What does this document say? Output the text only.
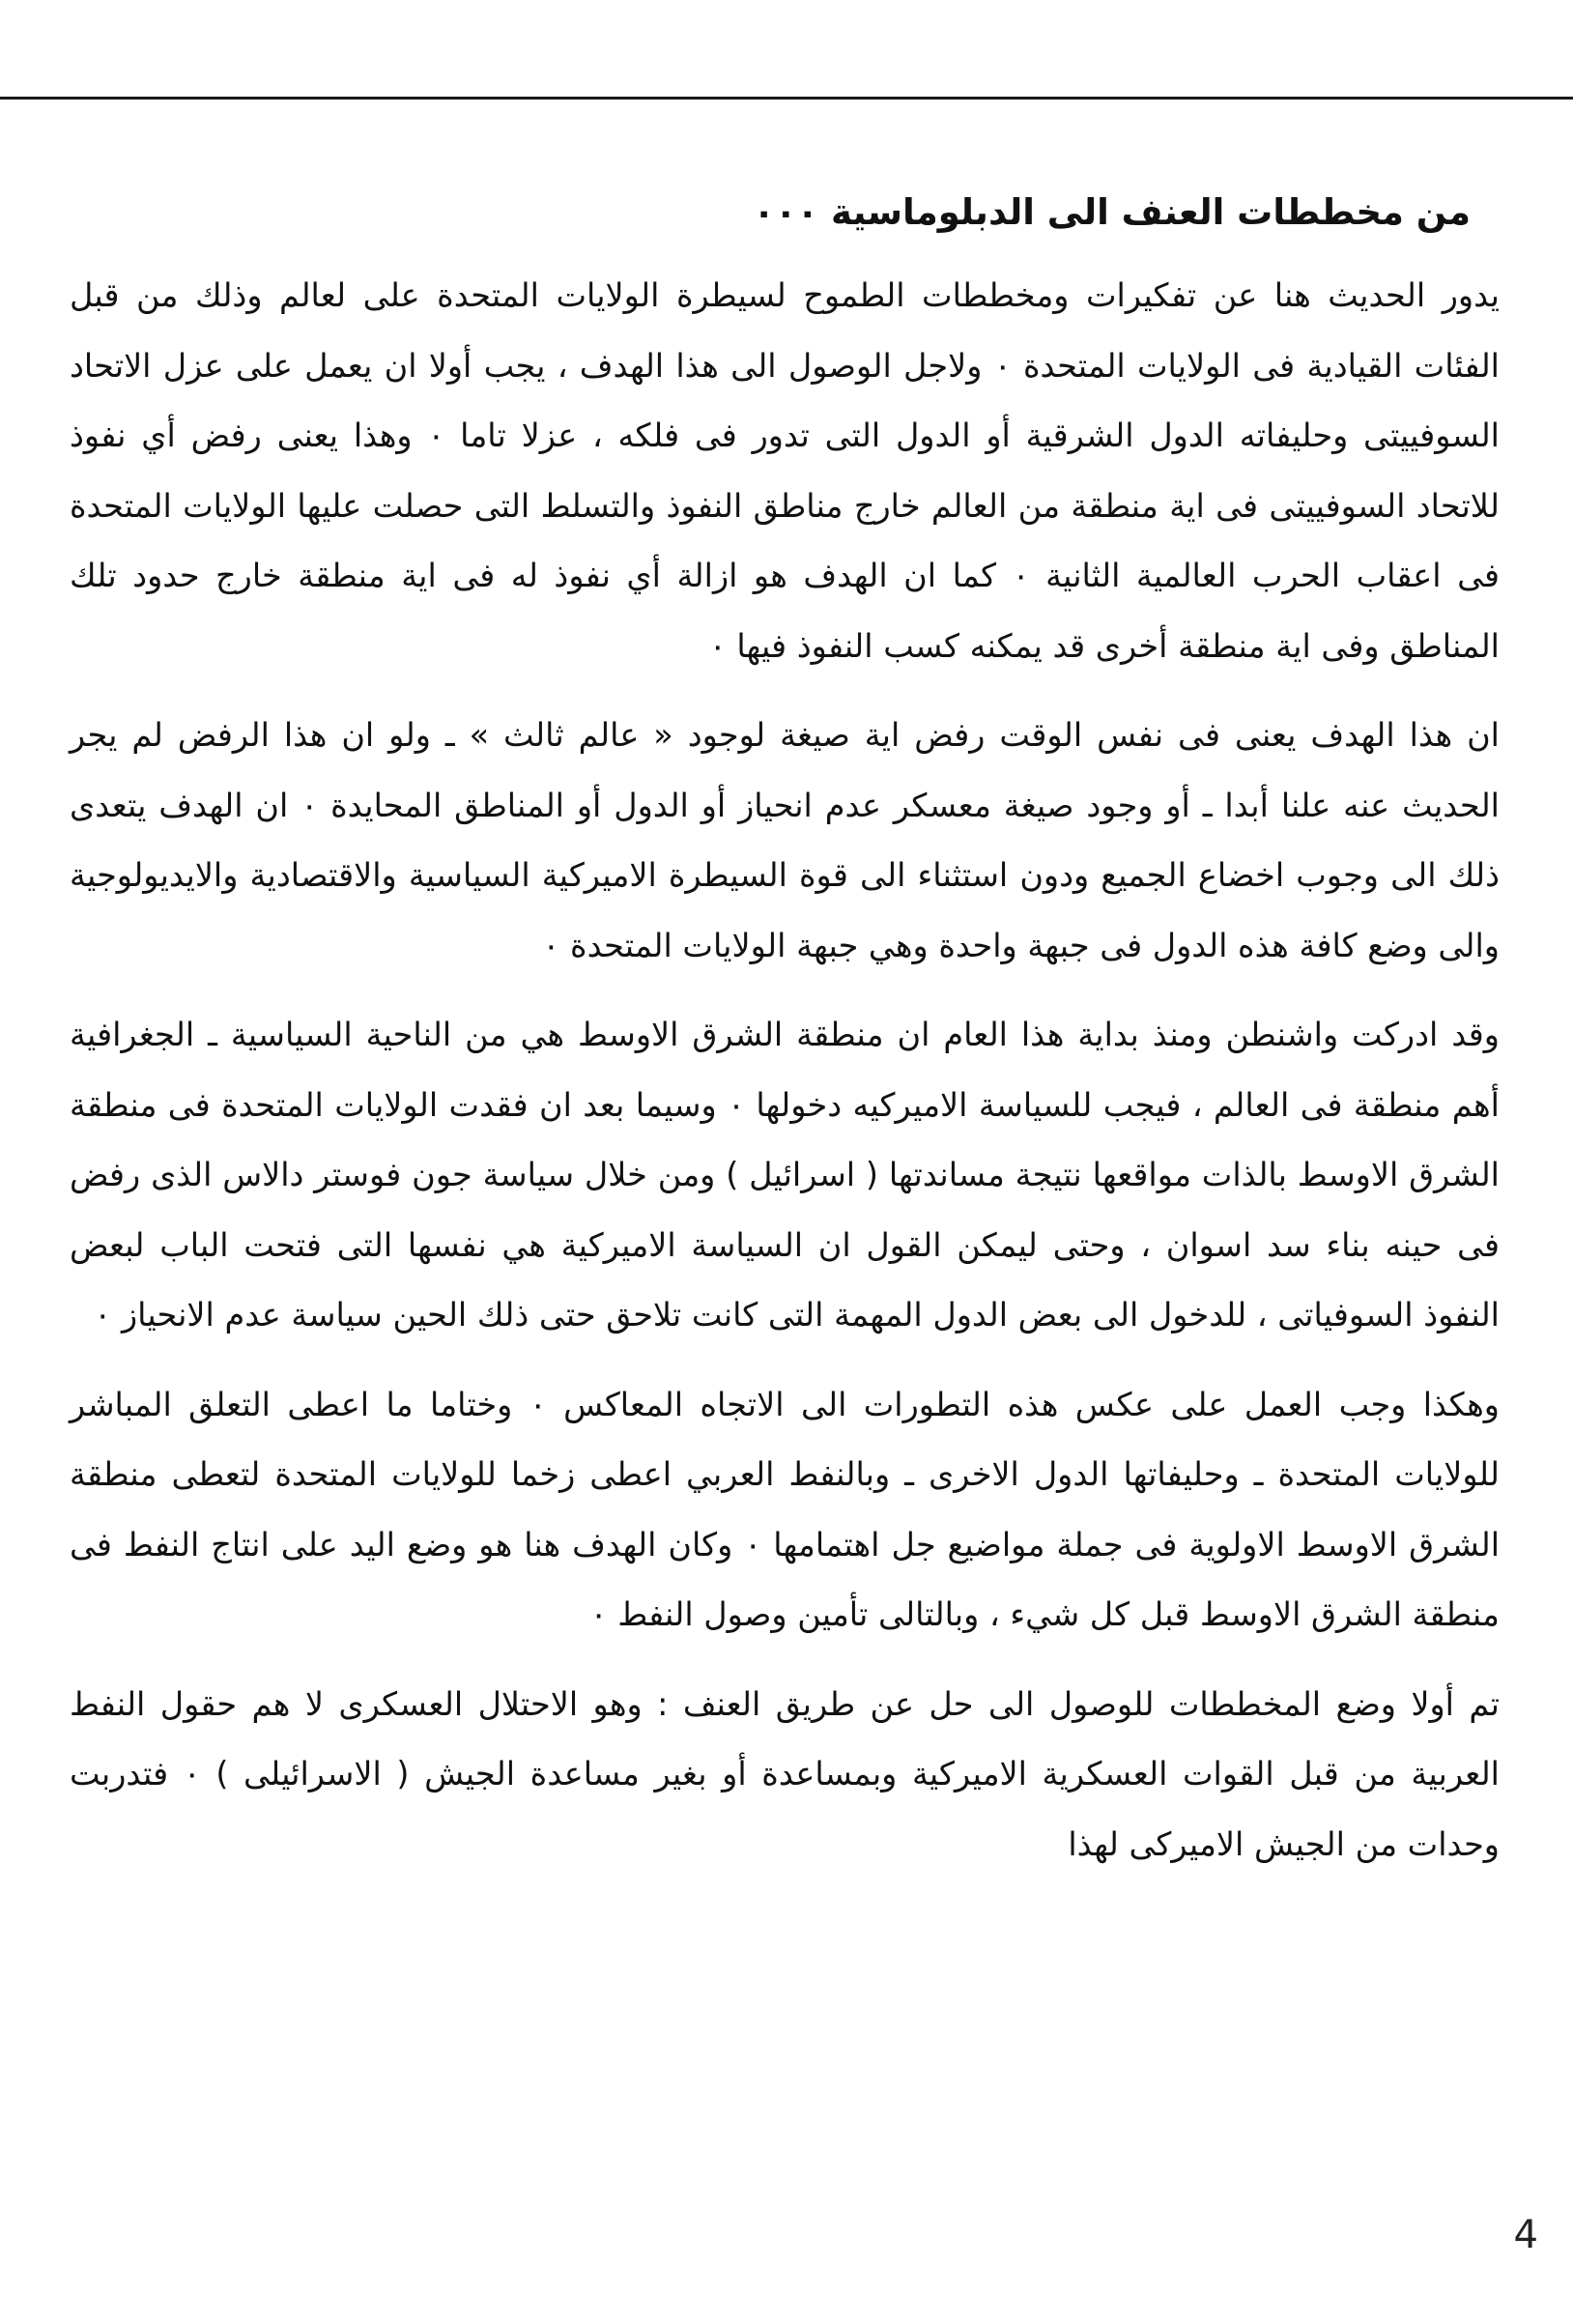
من مخططات العنف الى الدبلوماسية ٠٠٠

يدور الحديث هنا عن تفكيرات ومخططات الطموح لسيطرة الولايات المتحدة على لعالم وذلك من قبل الفئات القيادية فى الولايات المتحدة ٠ ولاجل الوصول الى هذا الهدف ، يجب أولا ان يعمل على عزل الاتحاد السوفييتى وحليفاته الدول الشرقية أو الدول التى تدور فى فلكه ، عزلا تاما ٠ وهذا يعنى رفض أي نفوذ للاتحاد السوفييتى فى اية منطقة من العالم خارج مناطق النفوذ والتسلط التى حصلت عليها الولايات المتحدة فى اعقاب الحرب العالمية الثانية ٠ كما ان الهدف هو ازالة أي نفوذ له فى اية منطقة خارج حدود تلك المناطق وفى اية منطقة أخرى قد يمكنه كسب النفوذ فيها ٠

ان هذا الهدف يعنى فى نفس الوقت رفض اية صيغة لوجود « عالم ثالث » ـ ولو ان هذا الرفض لم يجر الحديث عنه علنا أبدا ـ أو وجود صيغة معسكر عدم انحياز أو الدول أو المناطق المحايدة ٠ ان الهدف يتعدى ذلك الى وجوب اخضاع الجميع ودون استثناء الى قوة السيطرة الاميركية السياسية والاقتصادية والايديولوجية والى وضع كافة هذه الدول فى جبهة واحدة وهي جبهة الولايات المتحدة ٠

وقد ادركت واشنطن ومنذ بداية هذا العام ان منطقة الشرق الاوسط هي من الناحية السياسية ـ الجغرافية أهم منطقة فى العالم ، فيجب للسياسة الاميركيه دخولها ٠ وسيما بعد ان فقدت الولايات المتحدة فى منطقة الشرق الاوسط بالذات مواقعها نتيجة مساندتها ( اسرائيل ) ومن خلال سياسة جون فوستر دالاس الذى رفض فى حينه بناء سد اسوان ، وحتى ليمكن القول ان السياسة الاميركية هي نفسها التى فتحت الباب لبعض النفوذ السوفياتى ، للدخول الى بعض الدول المهمة التى كانت تلاحق حتى ذلك الحين سياسة عدم الانحياز ٠

وهكذا وجب العمل على عكس هذه التطورات الى الاتجاه المعاكس ٠ وختاما ما اعطى التعلق المباشر للولايات المتحدة ـ وحليفاتها الدول الاخرى ـ وبالنفط العربي اعطى زخما للولايات المتحدة لتعطى منطقة الشرق الاوسط الاولوية فى جملة مواضيع جل اهتمامها ٠ وكان الهدف هنا هو وضع اليد على انتاج النفط فى منطقة الشرق الاوسط قبل كل شيء ، وبالتالى تأمين وصول النفط ٠

تم أولا وضع المخططات للوصول الى حل عن طريق العنف : وهو الاحتلال العسكرى لا هم حقول النفط العربية من قبل القوات العسكرية الاميركية وبمساعدة أو بغير مساعدة الجيش ( الاسرائيلى ) ٠ فتدربت وحدات من الجيش الاميركى لهذا

4
